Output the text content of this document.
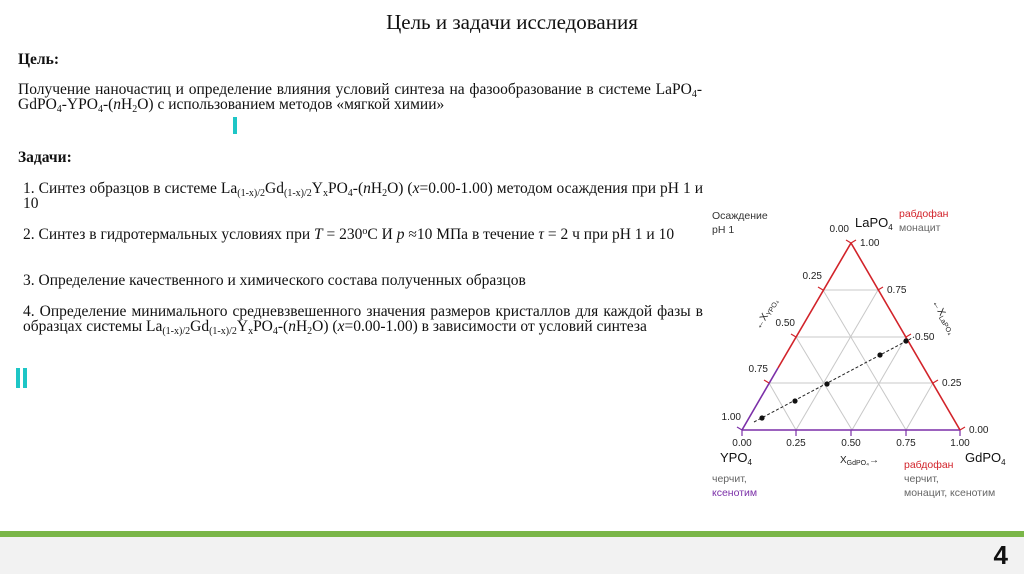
Цель и задачи исследования
Цель:
Получение наночастиц и определение влияния условий синтеза на фазообразование в системе $LaPO_4-GdPO_4-YPO_4-(nH_2O)$ с использованием методов «мягкой химии»
Задачи:
1. Синтез образцов в системе $La_{(1-x)/2}Gd_{(1-x)/2}Y_xPO_4-(nH_2O)$ (x=0.00-1.00) методом осаждения при pH 1 и 10
2. Синтез в гидротермальных условиях при $T = 230^oC$ И p ≈10 МПа в течение τ = 2 ч при pH 1 и 10
3. Определение качественного и химического состава полученных образцов
4. Определение минимального средневзвешенного значения размеров кристаллов для каждой фазы в образцах системы $La_{(1-x)/2}Gd_{(1-x)/2}Y_xPO_4-(nH_2O)$ (x=0.00-1.00) в зависимости от условий синтеза
Осаждение
pH 1	LaPO$_4$
рабдофан
монацит
$YPO_4$
черчит,
ксенотим
GdPO$_4$
рабдофан
черчит,
монацит, ксенотим
0.00	0.25	0.50	0.75	1.00
$X_{GdPO_4}\to$
0.00
0.25
0.50
0.75
1.00
$\leftarrow X_{YPO_4}$
1.00
0.75
0.50
0.25
0.00
$\leftarrow X_{LaPO_4}$
4
